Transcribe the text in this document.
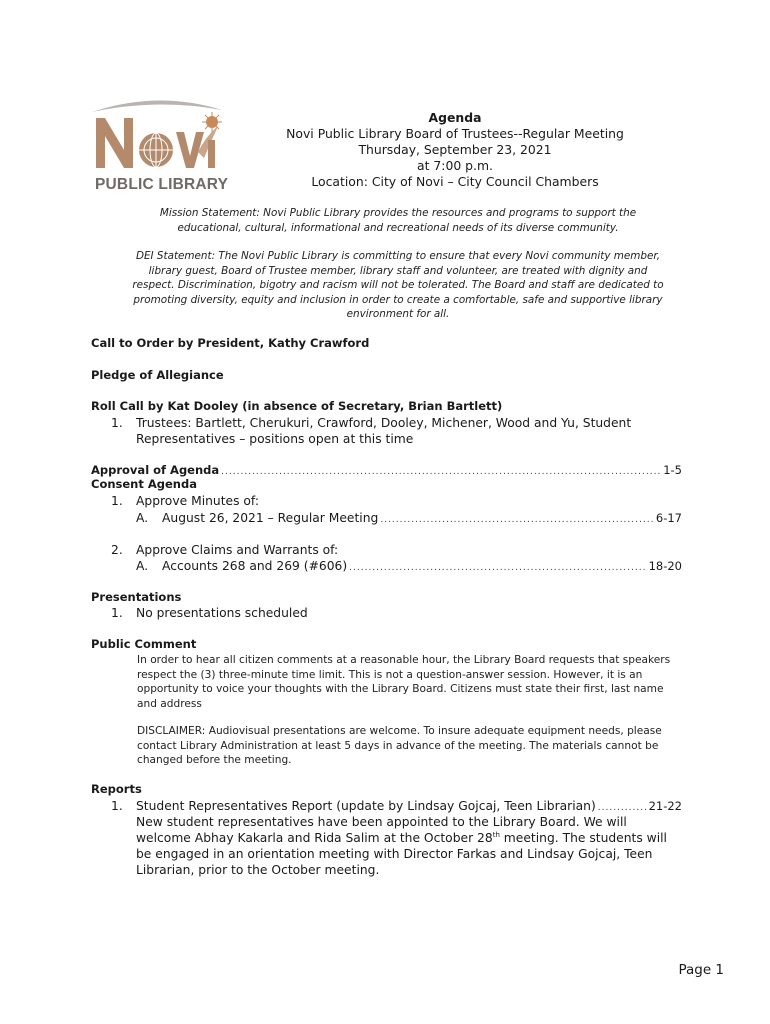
PUBLIC LIBRARY
Agenda
Novi Public Library Board of Trustees--Regular Meeting
Thursday, September 23, 2021
at 7:00 p.m.
Location: City of Novi – City Council Chambers
Mission Statement: Novi Public Library provides the resources and programs to support the educational, cultural, informational and recreational needs of its diverse community.
DEI Statement: The Novi Public Library is committing to ensure that every Novi community member, library guest, Board of Trustee member, library staff and volunteer, are treated with dignity and respect. Discrimination, bigotry and racism will not be tolerated. The Board and staff are dedicated to promoting diversity, equity and inclusion in order to create a comfortable, safe and supportive library environment for all.
Call to Order by President, Kathy Crawford
Pledge of Allegiance
Roll Call by Kat Dooley (in absence of Secretary, Brian Bartlett)
1. Trustees: Bartlett, Cherukuri, Crawford, Dooley, Michener, Wood and Yu, Student
Representatives – positions open at this time
Approval of Agenda .....	1-5
Consent Agenda
1. Approve Minutes of:
A. August 26, 2021 – Regular Meeting .....	6-17
2. Approve Claims and Warrants of:
A. Accounts 268 and 269 (#606) .....	18-20
Presentations
1. No presentations scheduled
Public Comment
In order to hear all citizen comments at a reasonable hour, the Library Board requests that speakers respect the (3) three-minute time limit. This is not a question-answer session. However, it is an opportunity to voice your thoughts with the Library Board. Citizens must state their first, last name and address
DISCLAIMER: Audiovisual presentations are welcome. To insure adequate equipment needs, please contact Library Administration at least 5 days in advance of the meeting. The materials cannot be changed before the meeting.
Reports
1. Student Representatives Report (update by Lindsay Gojcaj, Teen Librarian) .....	21-22
New student representatives have been appointed to the Library Board. We will
welcome Abhay Kakarla and Rida Salim at the October 28th meeting. The students will
be engaged in an orientation meeting with Director Farkas and Lindsay Gojcaj, Teen
Librarian, prior to the October meeting.
Page 1
